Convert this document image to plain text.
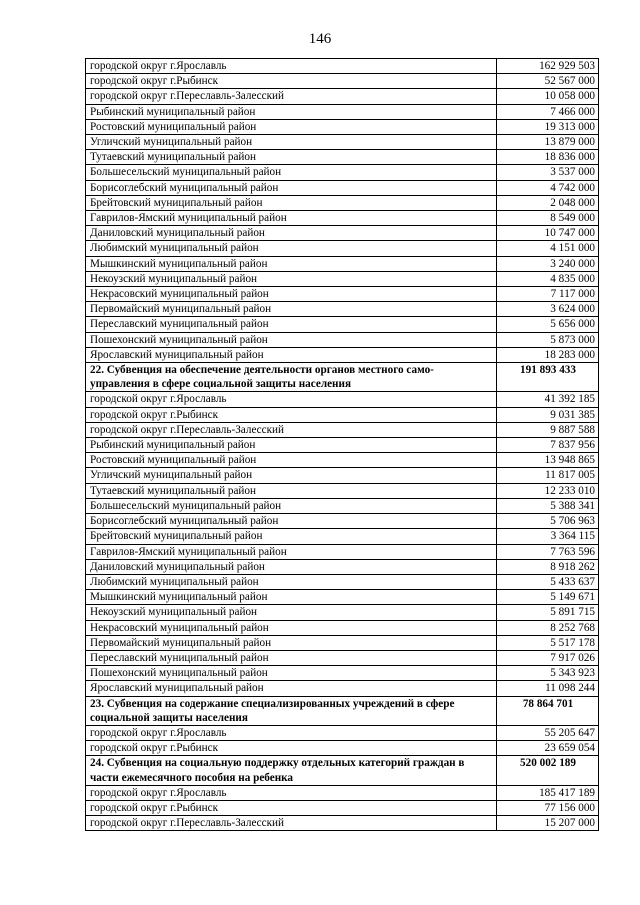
146
городской округ г.Ярославль	162 929 503
городской округ г.Рыбинск	52 567 000
городской округ г.Переславль-Залесский	10 058 000
Рыбинский муниципальный район	7 466 000
Ростовский муниципальный район	19 313 000
Угличский муниципальный район	13 879 000
Тутаевский муниципальный район	18 836 000
Большесельский муниципальный район	3 537 000
Борисоглебский муниципальный район	4 742 000
Брейтовский муниципальный район	2 048 000
Гаврилов-Ямский муниципальный район	8 549 000
Даниловский муниципальный район	10 747 000
Любимский муниципальный район	4 151 000
Мышкинский муниципальный район	3 240 000
Некоузский муниципальный район	4 835 000
Некрасовский муниципальный район	7 117 000
Первомайский муниципальный район	3 624 000
Переславский муниципальный район	5 656 000
Пошехонский муниципальный район	5 873 000
Ярославский муниципальный район	18 283 000
22. Субвенция на обеспечение деятельности органов местного само-управления в сфере социальной защиты населения	191 893 433
городской округ г.Ярославль	41 392 185
городской округ г.Рыбинск	9 031 385
городской округ г.Переславль-Залесский	9 887 588
Рыбинский муниципальный район	7 837 956
Ростовский муниципальный район	13 948 865
Угличский муниципальный район	11 817 005
Тутаевский муниципальный район	12 233 010
Большесельский муниципальный район	5 388 341
Борисоглебский муниципальный район	5 706 963
Брейтовский муниципальный район	3 364 115
Гаврилов-Ямский муниципальный район	7 763 596
Даниловский муниципальный район	8 918 262
Любимский муниципальный район	5 433 637
Мышкинский муниципальный район	5 149 671
Некоузский муниципальный район	5 891 715
Некрасовский муниципальный район	8 252 768
Первомайский муниципальный район	5 517 178
Переславский муниципальный район	7 917 026
Пошехонский муниципальный район	5 343 923
Ярославский муниципальный район	11 098 244
23. Субвенция на содержание специализированных учреждений в сфере социальной защиты населения	78 864 701
городской округ г.Ярославль	55 205 647
городской округ г.Рыбинск	23 659 054
24. Субвенция на социальную поддержку отдельных категорий граждан в части ежемесячного пособия на ребенка	520 002 189
городской округ г.Ярославль	185 417 189
городской округ г.Рыбинск	77 156 000
городской округ г.Переславль-Залесский	15 207 000
